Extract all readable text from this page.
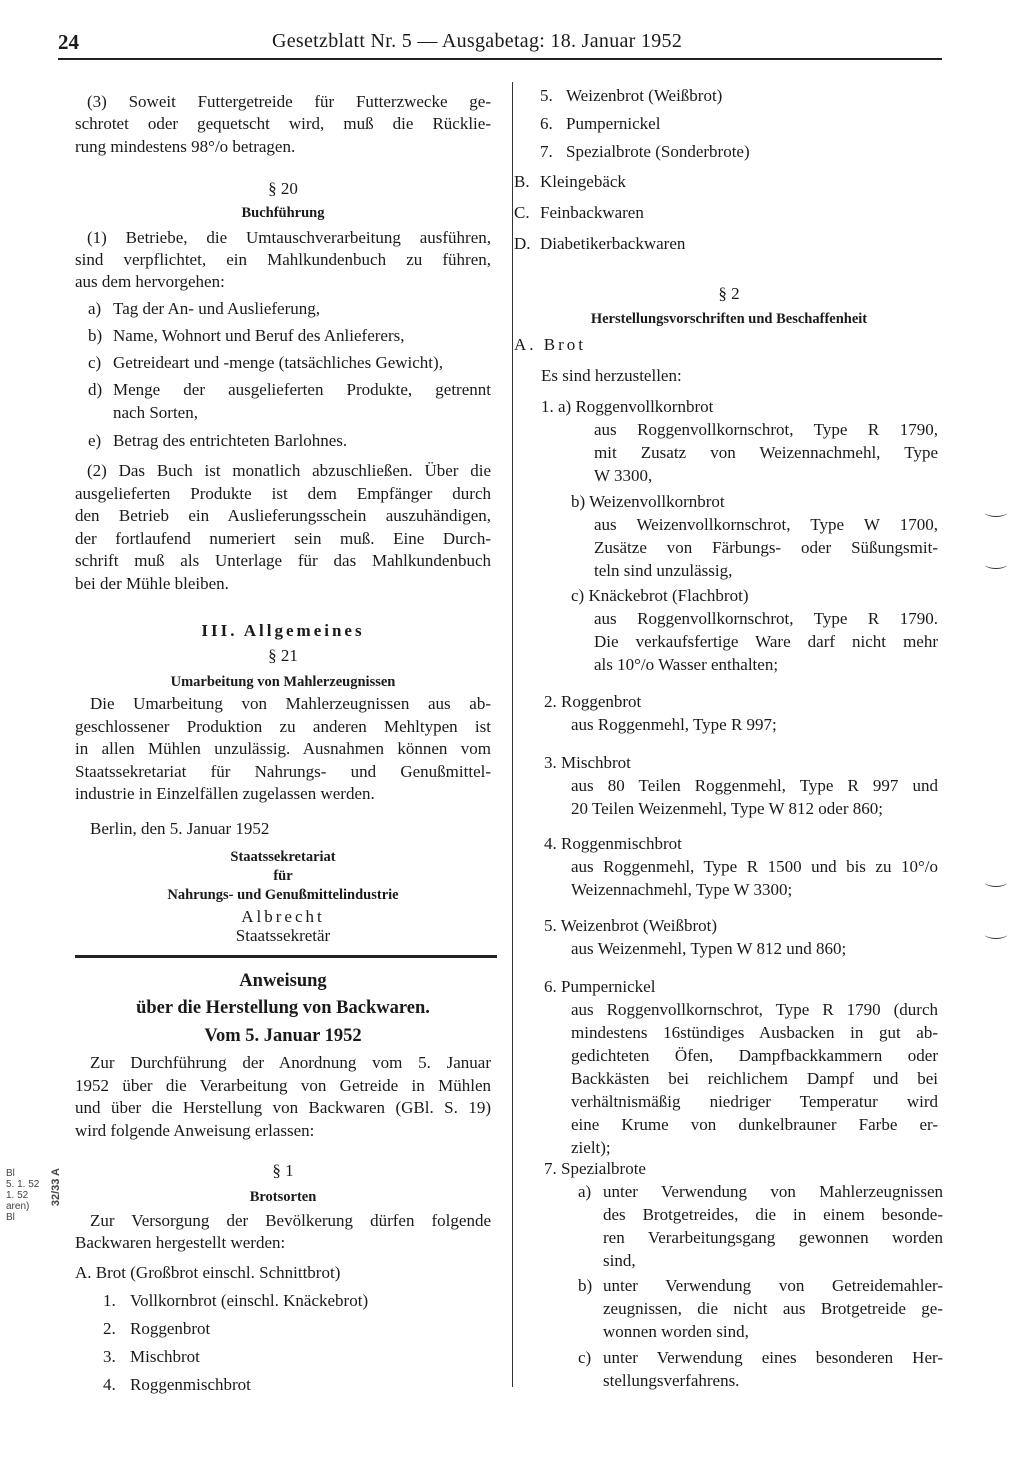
24	Gesetzblatt Nr. 5 — Ausgabetag: 18. Januar 1952
(3) Soweit Futtergetreide für Futterzwecke ge-
schrotet oder gequetscht wird, muß die Rücklie-
rung mindestens 98°/o betragen.
§ 20
Buchführung
(1) Betriebe, die Umtauschverarbeitung ausführen,
sind verpflichtet, ein Mahlkundenbuch zu führen,
aus dem hervorgehen:
a) Tag der An- und Auslieferung,
b) Name, Wohnort und Beruf des Anlieferers,
c) Getreideart und -menge (tatsächliches Gewicht),
d) Menge der ausgelieferten Produkte, getrennt
nach Sorten,
e) Betrag des entrichteten Barlohnes.
(2) Das Buch ist monatlich abzuschließen. Über die
ausgelieferten Produkte ist dem Empfänger durch
den Betrieb ein Auslieferungsschein auszuhändigen,
der fortlaufend numeriert sein muß. Eine Durch-
schrift muß als Unterlage für das Mahlkundenbuch
bei der Mühle bleiben.
III. Allgemeines
§ 21
Umarbeitung von Mahlerzeugnissen
Die Umarbeitung von Mahlerzeugnissen aus ab-
geschlossener Produktion zu anderen Mehltypen ist
in allen Mühlen unzulässig. Ausnahmen können vom
Staatssekretariat für Nahrungs- und Genußmittel-
industrie in Einzelfällen zugelassen werden.
Berlin, den 5. Januar 1952
Staatssekretariat
für
Nahrungs- und Genußmittelindustrie
Albrecht
Staatssekretär
Anweisung
über die Herstellung von Backwaren.
Vom 5. Januar 1952
Zur Durchführung der Anordnung vom 5. Januar
1952 über die Verarbeitung von Getreide in Mühlen
und über die Herstellung von Backwaren (GBl. S. 19)
wird folgende Anweisung erlassen:
§ 1
Brotsorten
Zur Versorgung der Bevölkerung dürfen folgende
Backwaren hergestellt werden:
A. Brot (Großbrot einschl. Schnittbrot)
1. Vollkornbrot (einschl. Knäckebrot)
2. Roggenbrot
3. Mischbrot
4. Roggenmischbrot
5. Weizenbrot (Weißbrot)
6. Pumpernickel
7. Spezialbrote (Sonderbrote)
B. Kleingebäck
C. Feinbackwaren
D. Diabetikerbackwaren
§ 2
Herstellungsvorschriften und Beschaffenheit
A. Brot
Es sind herzustellen:
1. a) Roggenvollkornbrot
aus Roggenvollkornschrot, Type R 1790,
mit Zusatz von Weizennachmehl, Type
W 3300,
b) Weizenvollkornbrot
aus Weizenvollkornschrot, Type W 1700,
Zusätze von Färbungs- oder Süßungsmit-
teln sind unzulässig,
c) Knäckebrot (Flachbrot)
aus Roggenvollkornschrot, Type R 1790.
Die verkaufsfertige Ware darf nicht mehr
als 10°/o Wasser enthalten;
2. Roggenbrot
aus Roggenmehl, Type R 997;
3. Mischbrot
aus 80 Teilen Roggenmehl, Type R 997 und
20 Teilen Weizenmehl, Type W 812 oder 860;
4. Roggenmischbrot
aus Roggenmehl, Type R 1500 und bis zu 10°/o
Weizennachmehl, Type W 3300;
5. Weizenbrot (Weißbrot)
aus Weizenmehl, Typen W 812 und 860;
6. Pumpernickel
aus Roggenvollkornschrot, Type R 1790 (durch
mindestens 16stündiges Ausbacken in gut ab-
gedichteten Öfen, Dampfbackkammern oder
Backkästen bei reichlichem Dampf und bei
verhältnismäßig niedriger Temperatur wird
eine Krume von dunkelbrauner Farbe er-
zielt);
7. Spezialbrote
a) unter Verwendung von Mahlerzeugnissen
des Brotgetreides, die in einem besonde-
ren Verarbeitungsgang gewonnen worden
sind,
b) unter Verwendung von Getreidemahler-
zeugnissen, die nicht aus Brotgetreide ge-
wonnen worden sind,
c) unter Verwendung eines besonderen Her-
stellungsverfahrens.
Bl
5. 1. 52
1. 52
aren)
Bl
32/33 A
